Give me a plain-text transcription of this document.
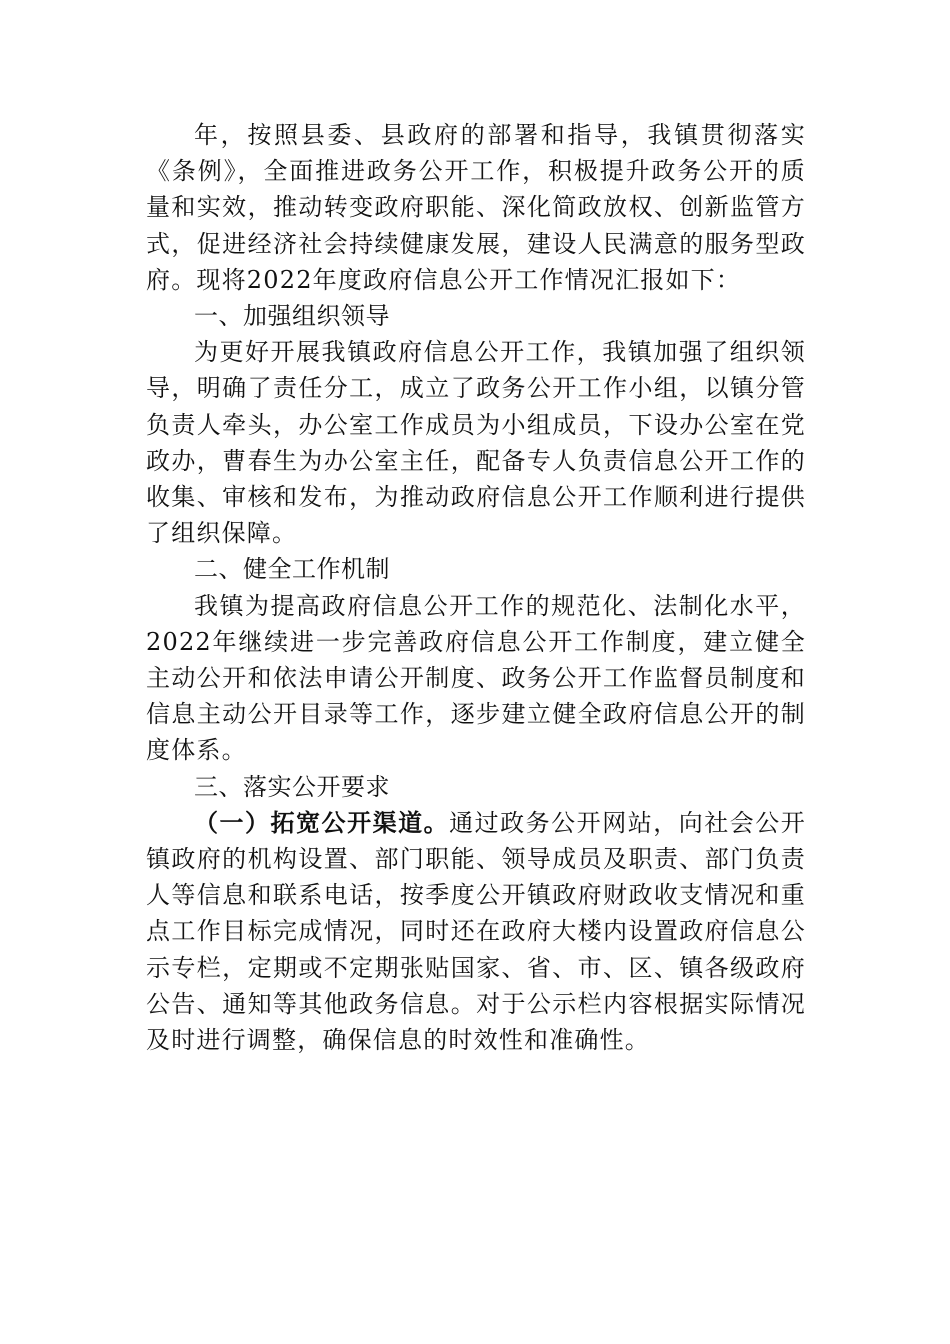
年，按照县委、县政府的部署和指导，我镇贯彻落实《条例》，全面推进政务公开工作，积极提升政务公开的质量和实效，推动转变政府职能、深化简政放权、创新监管方式，促进经济社会持续健康发展，建设人民满意的服务型政府。现将2022年度政府信息公开工作情况汇报如下：

一、加强组织领导

为更好开展我镇政府信息公开工作，我镇加强了组织领导，明确了责任分工，成立了政务公开工作小组，以镇分管负责人牵头，办公室工作成员为小组成员，下设办公室在党政办，曹春生为办公室主任，配备专人负责信息公开工作的收集、审核和发布，为推动政府信息公开工作顺利进行提供了组织保障。

二、健全工作机制

我镇为提高政府信息公开工作的规范化、法制化水平，2022年继续进一步完善政府信息公开工作制度，建立健全主动公开和依法申请公开制度、政务公开工作监督员制度和信息主动公开目录等工作，逐步建立健全政府信息公开的制度体系。

三、落实公开要求

（一）拓宽公开渠道。通过政务公开网站，向社会公开镇政府的机构设置、部门职能、领导成员及职责、部门负责人等信息和联系电话，按季度公开镇政府财政收支情况和重点工作目标完成情况，同时还在政府大楼内设置政府信息公示专栏，定期或不定期张贴国家、省、市、区、镇各级政府公告、通知等其他政务信息。对于公示栏内容根据实际情况及时进行调整，确保信息的时效性和准确性。
